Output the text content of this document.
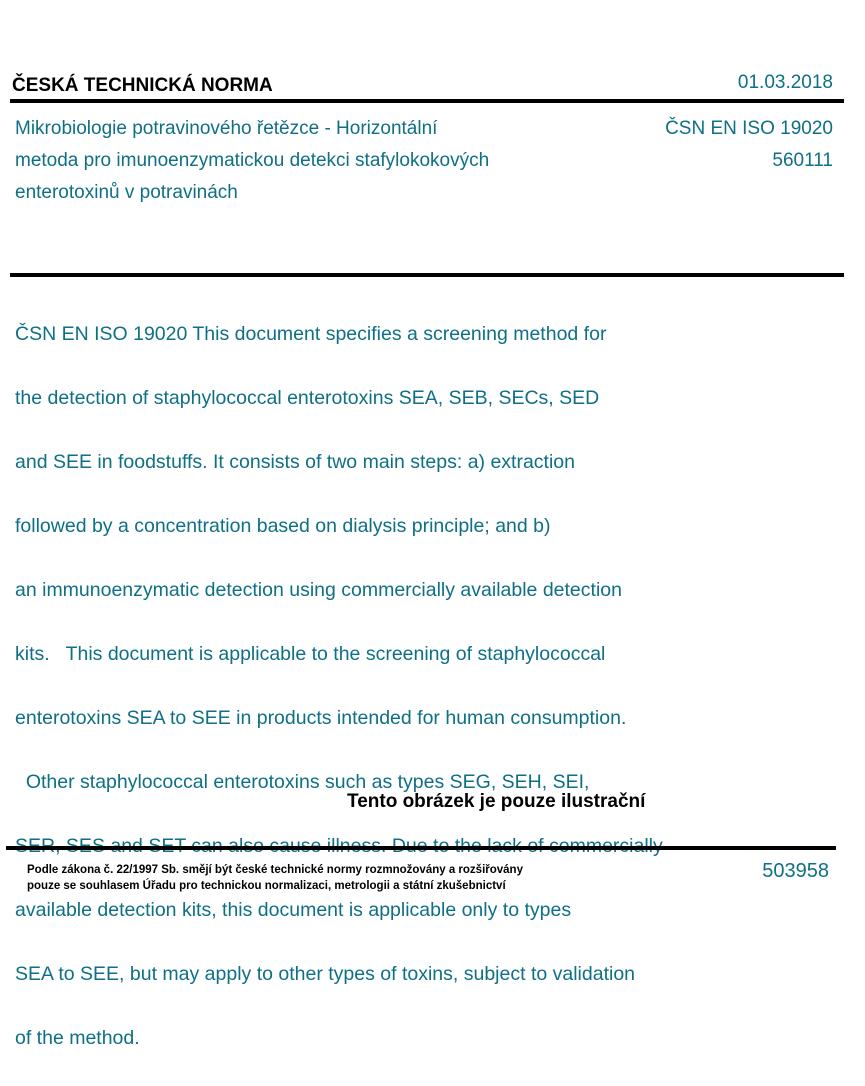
ČESKÁ TECHNICKÁ NORMA	01.03.2018
Mikrobiologie potravinového řetězce - Horizontální
metoda pro imunoenzymatickou detekci stafylokokových
enterotoxinů v potravinách
ČSN EN ISO 19020
560111

ČSN EN ISO 19020 This document specifies a screening method for

the detection of staphylococcal enterotoxins SEA, SEB, SECs, SED

and SEE in foodstuffs. It consists of two main steps: a) extraction

followed by a concentration based on dialysis principle; and b)

an immunoenzymatic detection using commercially available detection

kits.   This document is applicable to the screening of staphylococcal

enterotoxins SEA to SEE in products intended for human consumption.

Other staphylococcal enterotoxins such as types SEG, SEH, SEI,

available detection kits, this document is applicable only to types

SEA to SEE, but may apply to other types of toxins, subject to validation

of the method.

Tento obrázek je pouze ilustrační
Podle zákona č. 22/1997 Sb. smějí být české technické normy rozmnožovány a rozšiřovány
pouze se souhlasem Úřadu pro technickou normalizaci, metrologii a státní zkušebnictví
503958
